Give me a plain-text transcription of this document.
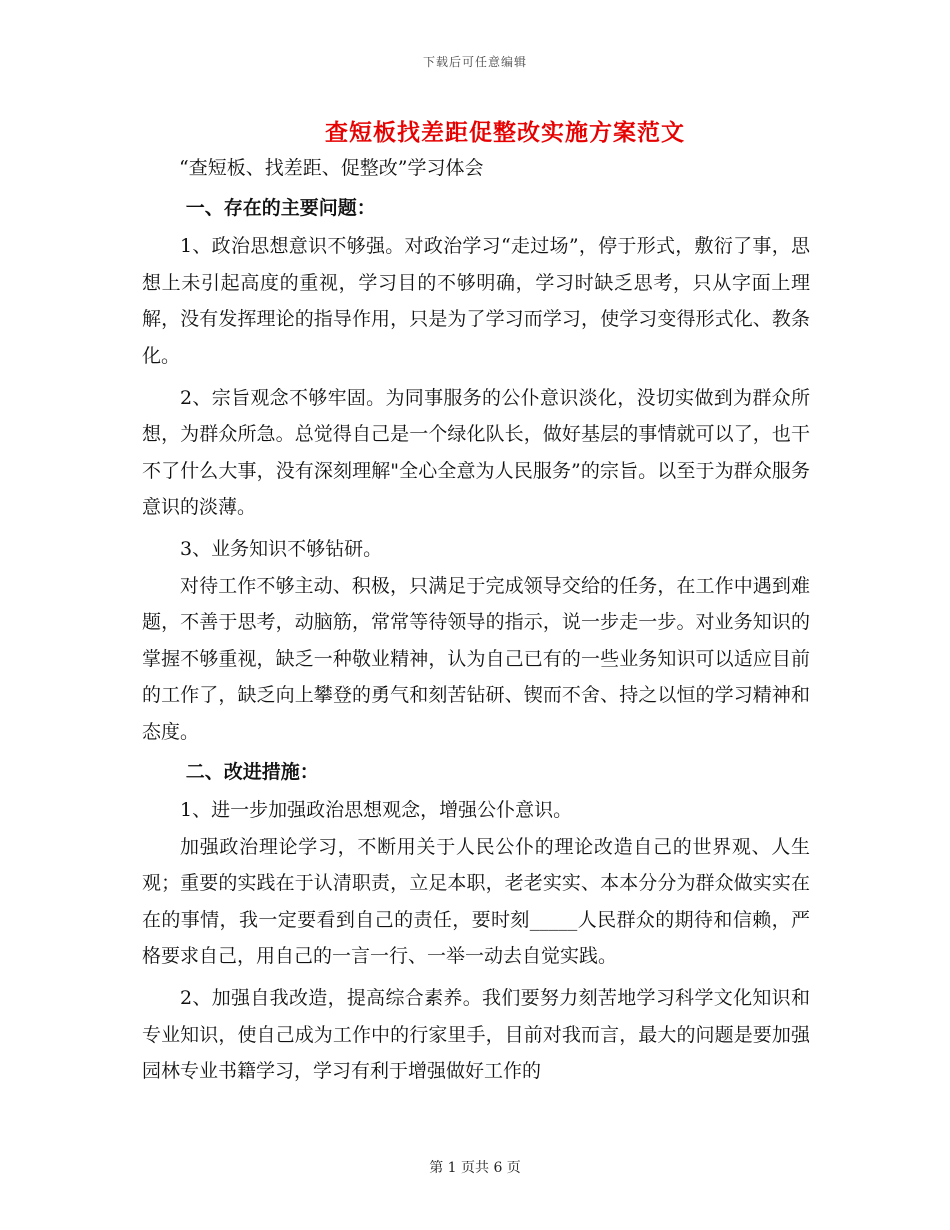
下载后可任意编辑
查短板找差距促整改实施方案范文

“查短板、找差距、促整改”学习体会

一、存在的主要问题：

1、政治思想意识不够强。对政治学习“走过场”，停于形式，敷衍了事，思想上未引起高度的重视，学习目的不够明确，学习时缺乏思考，只从字面上理解，没有发挥理论的指导作用，只是为了学习而学习，使学习变得形式化、教条化。

2、宗旨观念不够牢固。为同事服务的公仆意识淡化，没切实做到为群众所想，为群众所急。总觉得自己是一个绿化队长，做好基层的事情就可以了，也干不了什么大事，没有深刻理解"全心全意为人民服务”的宗旨。以至于为群众服务意识的淡薄。

3、业务知识不够钻研。

对待工作不够主动、积极，只满足于完成领导交给的任务，在工作中遇到难题，不善于思考，动脑筋，常常等待领导的指示，说一步走一步。对业务知识的掌握不够重视，缺乏一种敬业精神，认为自己已有的一些业务知识可以适应目前的工作了，缺乏向上攀登的勇气和刻苦钻研、锲而不舍、持之以恒的学习精神和态度。

二、改进措施：

1、进一步加强政治思想观念，增强公仆意识。

加强政治理论学习，不断用关于人民公仆的理论改造自己的世界观、人生观；重要的实践在于认清职责，立足本职，老老实实、本本分分为群众做实实在在的事情，我一定要看到自己的责任，要时刻_____人民群众的期待和信赖，严格要求自己，用自己的一言一行、一举一动去自觉实践。

2、加强自我改造，提高综合素养。我们要努力刻苦地学习科学文化知识和专业知识，使自己成为工作中的行家里手，目前对我而言，最大的问题是要加强园林专业书籍学习，学习有利于增强做好工作的

第 1 页共 6 页
